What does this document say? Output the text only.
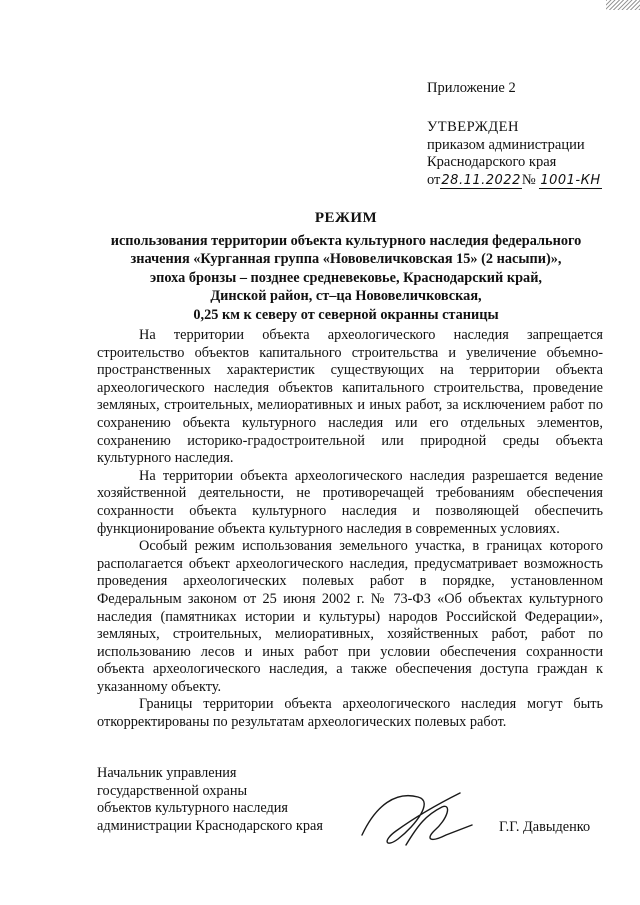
Приложение 2
УТВЕРЖДЕН
приказом администрации
Краснодарского края
от28.11.2022№ 1001-КН
РЕЖИМ
использования территории объекта культурного наследия федерального
значения «Курганная группа «Нововеличковская 15» (2 насыпи)»,
эпоха бронзы – позднее средневековье, Краснодарский край,
Динской район, ст–ца Нововеличковская,
0,25 км к северу от северной окранны станицы

На территории объекта археологического наследия запрещается строительство объектов капитального строительства и увеличение объемно-пространственных характеристик существующих на территории объекта археологического наследия объектов капитального строительства, проведение земляных, строительных, мелиоративных и иных работ, за исключением работ по сохранению объекта культурного наследия или его отдельных элементов, сохранению историко-градостроительной или природной среды объекта культурного наследия.

На территории объекта археологического наследия разрешается ведение хозяйственной деятельности, не противоречащей требованиям обеспечения сохранности объекта культурного наследия и позволяющей обеспечить функционирование объекта культурного наследия в современных условиях.

Особый режим использования земельного участка, в границах которого располагается объект археологического наследия, предусматривает возможность проведения археологических полевых работ в порядке, установленном Федеральным законом от 25 июня 2002 г. № 73-ФЗ «Об объектах культурного наследия (памятниках истории и культуры) народов Российской Федерации», земляных, строительных, мелиоративных, хозяйственных работ, работ по использованию лесов и иных работ при условии обеспечения сохранности объекта археологического наследия, а также обеспечения доступа граждан к указанному объекту.

Границы территории объекта археологического наследия могут быть откорректированы по результатам археологических полевых работ.

Начальник управления
государственной охраны
объектов культурного наследия
администрации Краснодарского края	Г.Г. Давыденко
